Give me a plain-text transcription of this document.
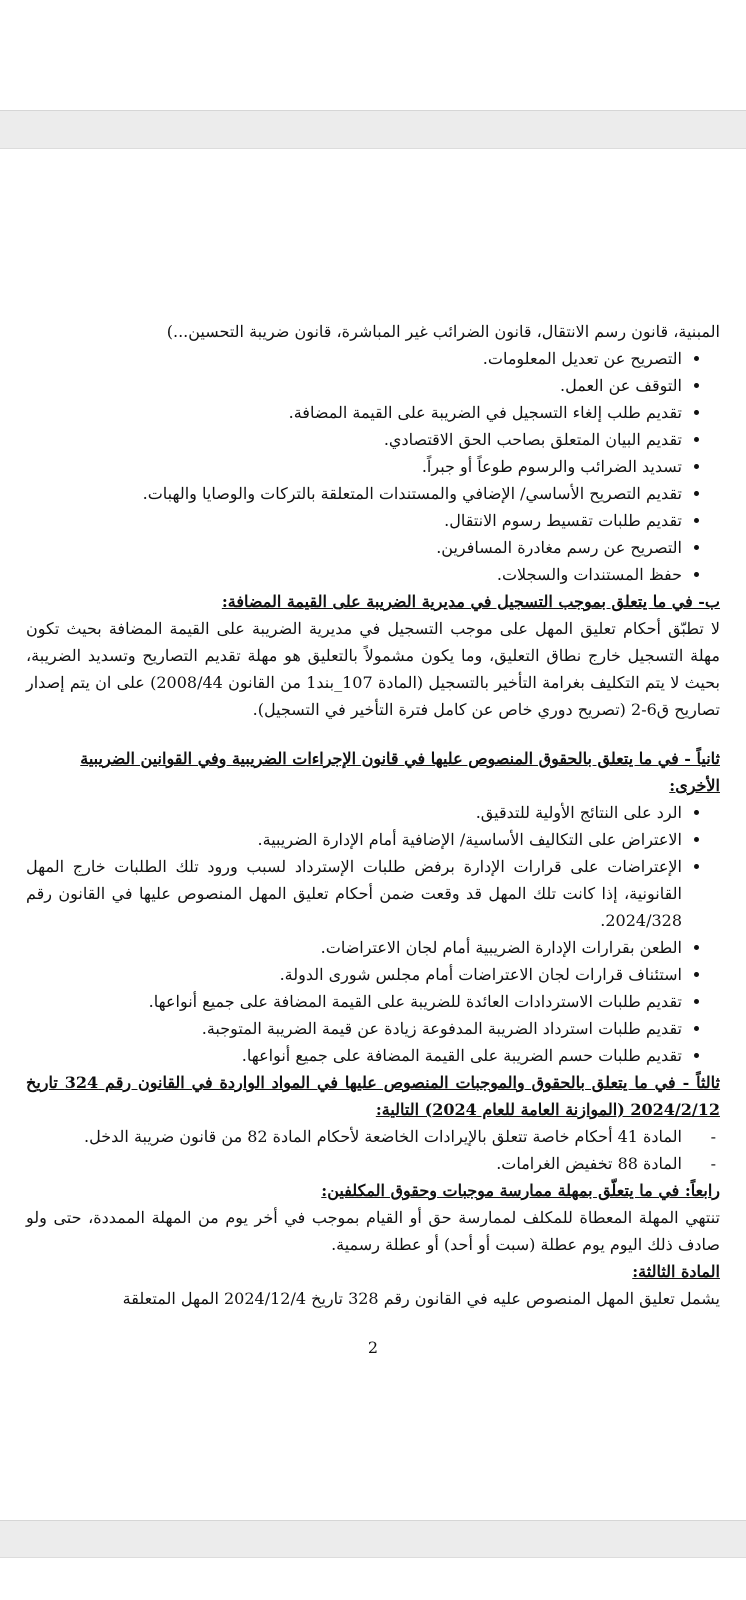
المبنية، قانون رسم الانتقال، قانون الضرائب غير المباشرة، قانون ضريبة التحسين...)

• التصريح عن تعديل المعلومات.
• التوقف عن العمل.
• تقديم طلب إلغاء التسجيل في الضريبة على القيمة المضافة.
• تقديم البيان المتعلق بصاحب الحق الاقتصادي.
• تسديد الضرائب والرسوم طوعاً أو جبراً.
• تقديم التصريح الأساسي/ الإضافي والمستندات المتعلقة بالتركات والوصايا والهبات.
• تقديم طلبات تقسيط رسوم الانتقال.
• التصريح عن رسم مغادرة المسافرين.
• حفظ المستندات والسجلات.

ب- في ما يتعلق بموجب التسجيل في مديرية الضريبة على القيمة المضافة:

لا تطبّق أحكام تعليق المهل على موجب التسجيل في مديرية الضريبة على القيمة المضافة بحيث تكون مهلة التسجيل خارج نطاق التعليق، وما يكون مشمولاً بالتعليق هو مهلة تقديم التصاريح وتسديد الضريبة، بحيث لا يتم التكليف بغرامة التأخير بالتسجيل (المادة 107_بند1 من القانون 2008/44) على ان يتم إصدار تصاريح ق6-2 (تصريح دوري خاص عن كامل فترة التأخير في التسجيل).

ثانياً - في ما يتعلق بالحقوق المنصوص عليها في قانون الإجراءات الضريبية وفي القوانين الضريبية الأخرى:

• الرد على النتائج الأولية للتدقيق.
• الاعتراض على التكاليف الأساسية/ الإضافية أمام الإدارة الضريبية.
• الإعتراضات على قرارات الإدارة برفض طلبات الإسترداد لسبب ورود تلك الطلبات خارج المهل القانونية، إذا كانت تلك المهل قد وقعت ضمن أحكام تعليق المهل المنصوص عليها في القانون رقم 2024/328.
• الطعن بقرارات الإدارة الضريبية أمام لجان الاعتراضات.
• استئناف قرارات لجان الاعتراضات أمام مجلس شورى الدولة.
• تقديم طلبات الاستردادات العائدة للضريبة على القيمة المضافة على جميع أنواعها.
• تقديم طلبات استرداد الضريبة المدفوعة زيادة عن قيمة الضريبة المتوجبة.
• تقديم طلبات حسم الضريبة على القيمة المضافة على جميع أنواعها.

ثالثاً - في ما يتعلق بالحقوق والموجبات المنصوص عليها في المواد الواردة في القانون رقم 324 تاريخ 2024/2/12 (الموازنة العامة للعام 2024) التالية:

- المادة 41 أحكام خاصة تتعلق بالإيرادات الخاضعة لأحكام المادة 82 من قانون ضريبة الدخل.
- المادة 88 تخفيض الغرامات.

رابعاً: في ما يتعلّق بمهلة ممارسة موجبات وحقوق المكلفين:

تنتهي المهلة المعطاة للمكلف لممارسة حق أو القيام بموجب في أخر يوم من المهلة الممددة، حتى ولو صادف ذلك اليوم يوم عطلة (سبت أو أحد) أو عطلة رسمية.

المادة الثالثة:

يشمل تعليق المهل المنصوص عليه في القانون رقم 328 تاريخ 2024/12/4 المهل المتعلقة

2
